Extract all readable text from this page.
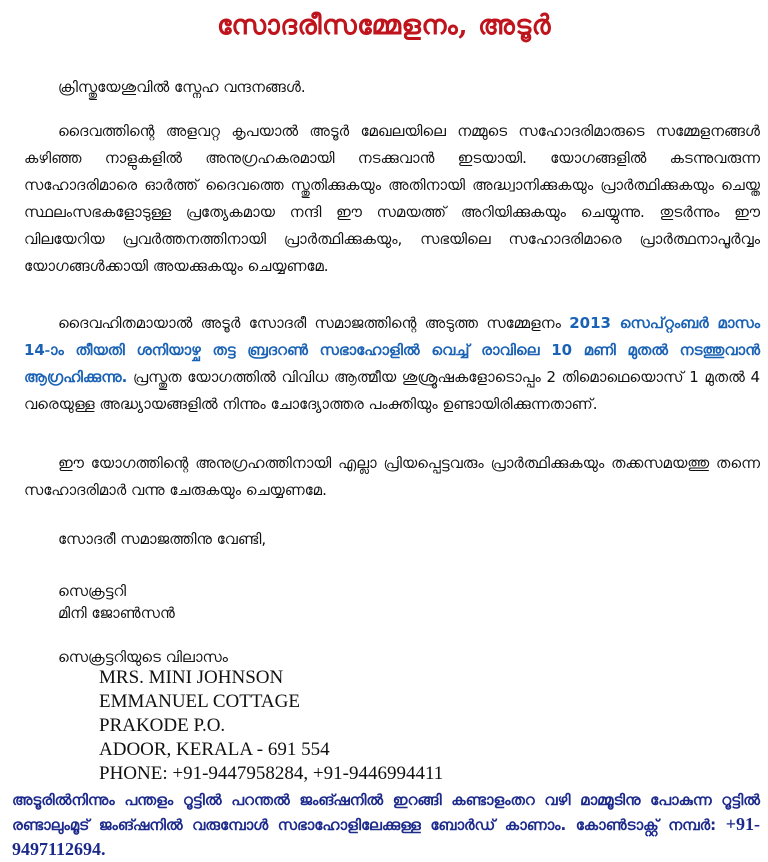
സോദരീസമ്മേളനം, അടൂർ
ക്രിസ്തുയേശുവിൽ സ്നേഹ വന്ദനങ്ങൾ.

ദൈവത്തിന്റെ അളവറ്റ കൃപയാൽ അടൂർ മേഖലയിലെ നമ്മുടെ സഹോദരിമാരുടെ സമ്മേളനങ്ങൾ കഴിഞ്ഞ നാളുകളിൽ അനുഗ്രഹകരമായി നടക്കുവാൻ ഇടയായി. യോഗങ്ങളിൽ കടന്നുവരുന്ന സഹോദരിമാരെ ഓർത്ത് ദൈവത്തെ സ്തുതിക്കുകയും അതിനായി അദ്ധ്വാനിക്കുകയും പ്രാർത്ഥിക്കുകയും ചെയ്ത സ്ഥലംസഭകളോടുള്ള പ്രത്യേകമായ നന്ദി ഈ സമയത്ത് അറിയിക്കുകയും ചെയ്യുന്നു. തുടർന്നും ഈ വിലയേറിയ പ്രവർത്തനത്തിനായി പ്രാർത്ഥിക്കുകയും, സഭയിലെ സഹോദരിമാരെ പ്രാർത്ഥനാപൂർവ്വം യോഗങ്ങൾക്കായി അയക്കുകയും ചെയ്യണമേ.

ദൈവഹിതമായാൽ അടൂർ സോദരീ സമാജത്തിന്റെ അടുത്ത സമ്മേളനം 2013 സെപ്റ്റംബർ മാസം 14-ാം തീയതി ശനിയാഴ്ച തട്ട ബ്രദറൺ സഭാഹോളിൽ വെച്ച് രാവിലെ 10 മണി മുതൽ നടത്തുവാൻ ആഗ്രഹിക്കുന്നു. പ്രസ്തുത യോഗത്തിൽ വിവിധ ആത്മീയ ശുശ്രൂഷകളോടൊപ്പം 2 തിമൊഥെയൊസ് 1 മുതൽ 4 വരെയുള്ള അദ്ധ്യായങ്ങളിൽ നിന്നും ചോദ്യോത്തര പംക്തിയും ഉണ്ടായിരിക്കുന്നതാണ്.

ഈ യോഗത്തിന്റെ അനുഗ്രഹത്തിനായി എല്ലാ പ്രിയപ്പെട്ടവരും പ്രാർത്ഥിക്കുകയും തക്കസമയത്തു തന്നെ സഹോദരിമാർ വന്നു ചേരുകയും ചെയ്യണമേ.

സോദരീ സമാജത്തിനു വേണ്ടി,
സെക്രട്ടറി
മിനി ജോൺസൻ
സെക്രട്ടറിയുടെ വിലാസം
MRS. MINI JOHNSON
EMMANUEL COTTAGE
PRAKODE P.O.
ADOOR, KERALA - 691 554
PHONE: +91-9447958284, +91-9446994411

അടൂരിൽനിന്നും പന്തളം റൂട്ടിൽ പറന്തൽ ജംങ്ഷനിൽ ഇറങ്ങി കണ്ടാളംതറ വഴി മാമ്മൂടിനു പോകുന്ന റൂട്ടിൽ രണ്ടാലുംമൂട് ജംങ്ഷനിൽ വരുമ്പോൾ സഭാഹോളിലേക്കുള്ള ബോർഡ് കാണാം. കോൺടാക്റ്റ് നമ്പർ: +91-9497112694.
